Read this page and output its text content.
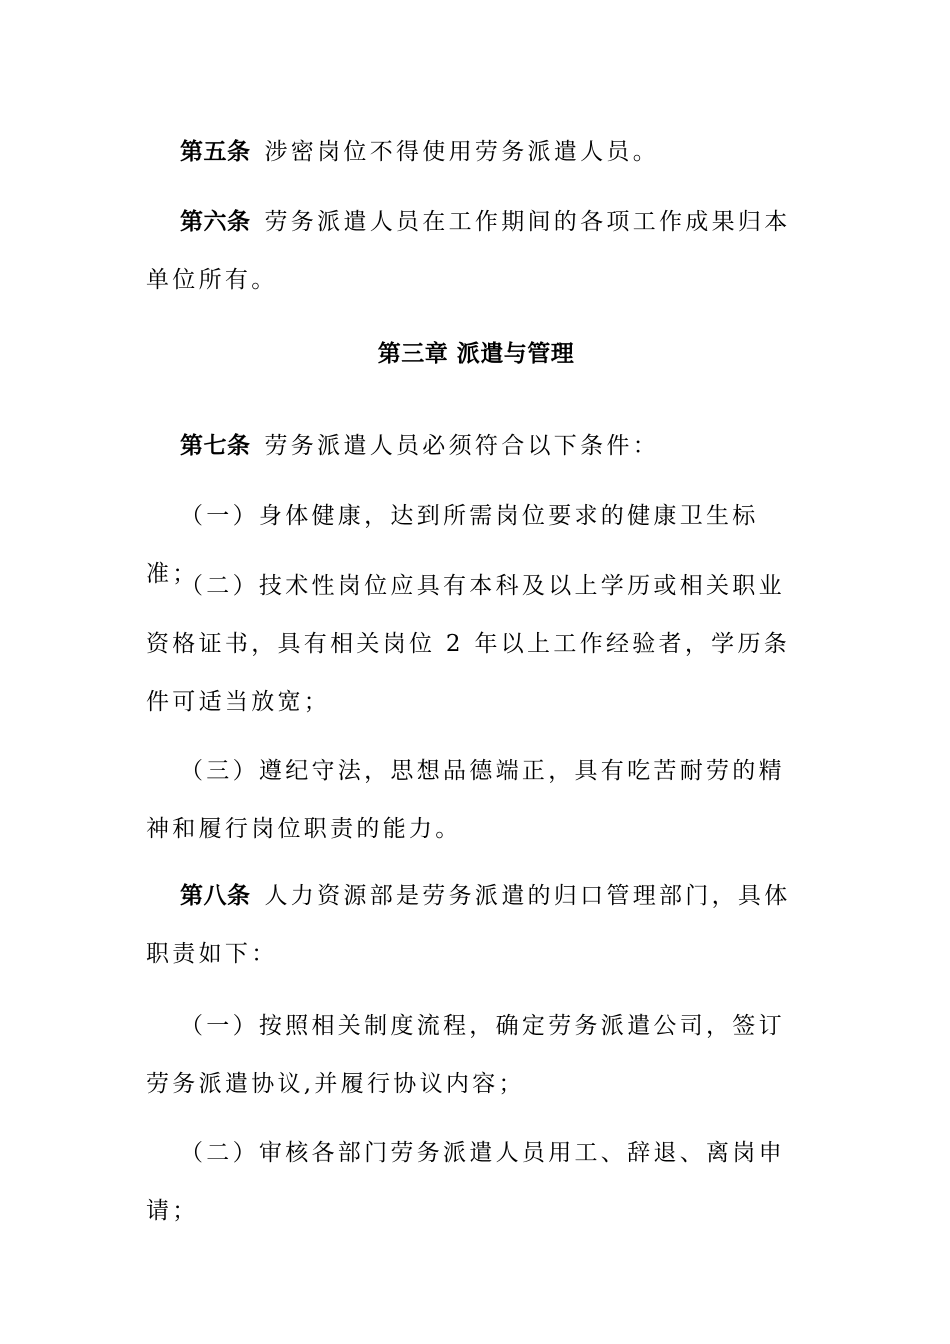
第五条 涉密岗位不得使用劳务派遣人员。

第六条 劳务派遣人员在工作期间的各项工作成果归本单位所有。

第三章 派遣与管理

第七条 劳务派遣人员必须符合以下条件：

（一）身体健康，达到所需岗位要求的健康卫生标准；

（二）技术性岗位应具有本科及以上学历或相关职业资格证书，具有相关岗位 2 年以上工作经验者，学历条件可适当放宽；

（三）遵纪守法，思想品德端正，具有吃苦耐劳的精神和履行岗位职责的能力。

第八条 人力资源部是劳务派遣的归口管理部门，具体职责如下：

（一）按照相关制度流程，确定劳务派遣公司，签订劳务派遣协议,并履行协议内容；

（二）审核各部门劳务派遣人员用工、辞退、离岗申请；
